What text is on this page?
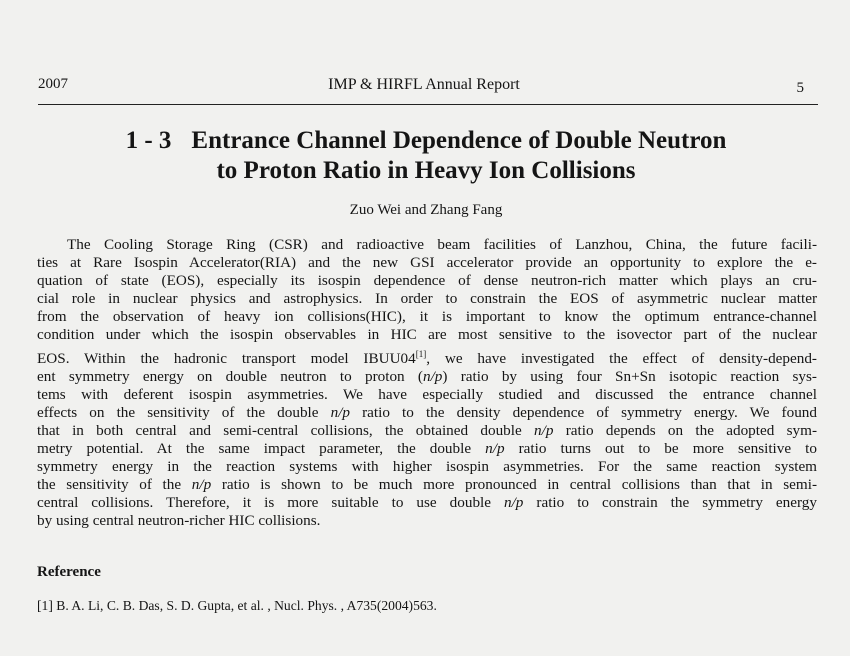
2007	IMP & HIRFL Annual Report	5
1 - 3 Entrance Channel Dependence of Double Neutron
to Proton Ratio in Heavy Ion Collisions
Zuo Wei and Zhang Fang
The Cooling Storage Ring (CSR) and radioactive beam facilities of Lanzhou, China, the future facili-
ties at Rare Isospin Accelerator(RIA) and the new GSI accelerator provide an opportunity to explore the e-
quation of state (EOS), especially its isospin dependence of dense neutron-rich matter which plays an cru-
cial role in nuclear physics and astrophysics. In order to constrain the EOS of asymmetric nuclear matter
from the observation of heavy ion collisions(HIC), it is important to know the optimum entrance-channel
condition under which the isospin observables in HIC are most sensitive to the isovector part of the nuclear
EOS. Within the hadronic transport model IBUU04[1], we have investigated the effect of density-depend-
ent symmetry energy on double neutron to proton (n/p) ratio by using four Sn+Sn isotopic reaction sys-
tems with deferent isospin asymmetries. We have especially studied and discussed the entrance channel
effects on the sensitivity of the double n/p ratio to the density dependence of symmetry energy. We found
that in both central and semi-central collisions, the obtained double n/p ratio depends on the adopted sym-
metry potential. At the same impact parameter, the double n/p ratio turns out to be more sensitive to
symmetry energy in the reaction systems with higher isospin asymmetries. For the same reaction system
the sensitivity of the n/p ratio is shown to be much more pronounced in central collisions than that in semi-
central collisions. Therefore, it is more suitable to use double n/p ratio to constrain the symmetry energy
by using central neutron-richer HIC collisions.
Reference
[1] B. A. Li, C. B. Das, S. D. Gupta, et al. , Nucl. Phys. , A735(2004)563.
